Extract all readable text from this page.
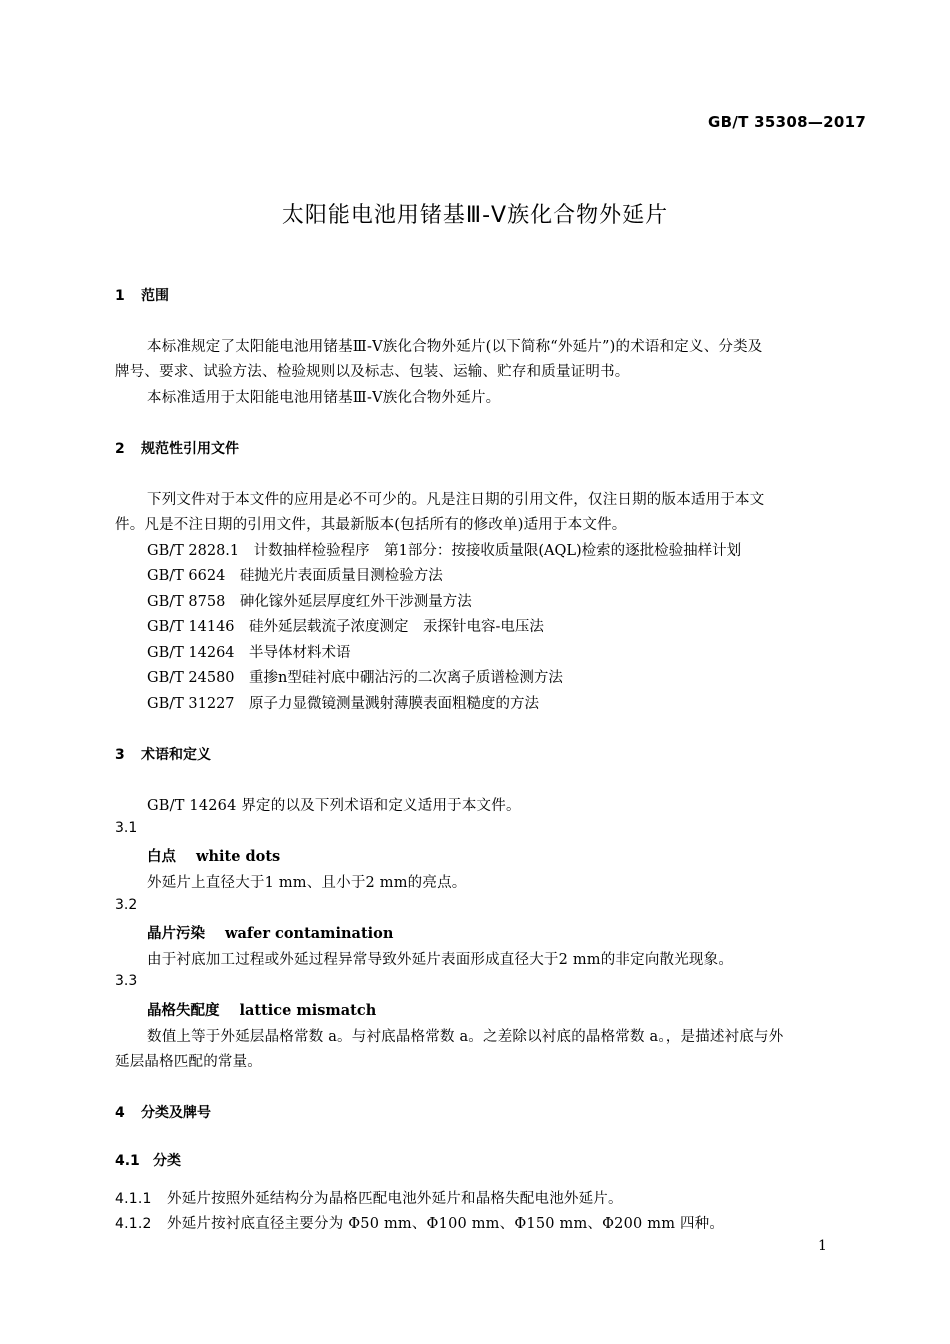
GB/T 35308—2017
太阳能电池用锗基Ⅲ-Ⅴ族化合物外延片
1 范围
本标准规定了太阳能电池用锗基Ⅲ-Ⅴ族化合物外延片(以下简称“外延片”)的术语和定义、分类及
牌号、要求、试验方法、检验规则以及标志、包装、运输、贮存和质量证明书。
本标准适用于太阳能电池用锗基Ⅲ-Ⅴ族化合物外延片。
2 规范性引用文件
下列文件对于本文件的应用是必不可少的。凡是注日期的引用文件，仅注日期的版本适用于本文
件。凡是不注日期的引用文件，其最新版本(包括所有的修改单)适用于本文件。
GB/T 2828.1　 计数抽样检验程序　第1部分：按接收质量限(AQL)检索的逐批检验抽样计划
GB/T 6624　 硅抛光片表面质量目测检验方法
GB/T 8758　 砷化镓外延层厚度红外干涉测量方法
GB/T 14146　 硅外延层载流子浓度测定　汞探针电容-电压法
GB/T 14264　 半导体材料术语
GB/T 24580　 重掺n型硅衬底中硼沾污的二次离子质谱检测方法
GB/T 31227　 原子力显微镜测量溅射薄膜表面粗糙度的方法
3 术语和定义
GB/T 14264 界定的以及下列术语和定义适用于本文件。
3.1
白点 white dots
外延片上直径大于1 mm、且小于2 mm的亮点。
3.2
晶片污染 wafer contamination
由于衬底加工过程或外延过程异常导致外延片表面形成直径大于2 mm的非定向散光现象。
3.3
晶格失配度 lattice mismatch
数值上等于外延层晶格常数 a。与衬底晶格常数 a。之差除以衬底的晶格常数 a。，是描述衬底与外
延层晶格匹配的常量。
4 分类及牌号
4.1 分类
4.1.1 外延片按照外延结构分为晶格匹配电池外延片和晶格失配电池外延片。
4.1.2 外延片按衬底直径主要分为 Φ50 mm、Φ100 mm、Φ150 mm、Φ200 mm 四种。
1
